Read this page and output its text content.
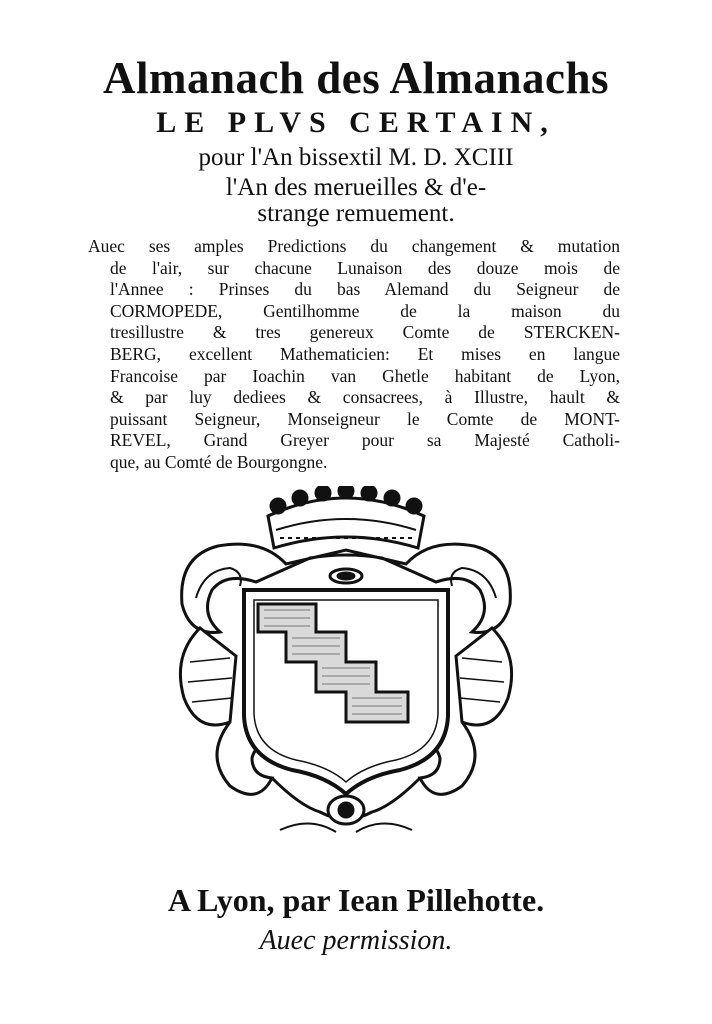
Almanach des Almanachs
LE PLVS CERTAIN,
pour l'An bissextil M. D. XCIII
l'An des merueilles & d'e-
strange remuement.
Auec ses amples Predictions du changement & mutation
de l'air, sur chacune Lunaison des douze mois de
l'Annee : Prinses du bas Alemand du Seigneur de
CORMOPEDE, Gentilhomme de la maison du
tresillustre & tres genereux Comte de STERCKEN-
BERG, excellent Mathematicien: Et mises en langue
Francoise par Ioachin van Ghetle habitant de Lyon,
& par luy dediees & consacrees, à Illustre, hault &
puissant Seigneur, Monseigneur le Comte de MONT-
REVEL, Grand Greyer pour sa Majesté Catholi-
que, au Comté de Bourgongne.
A Lyon, par Iean Pillehotte.
Auec permission.
